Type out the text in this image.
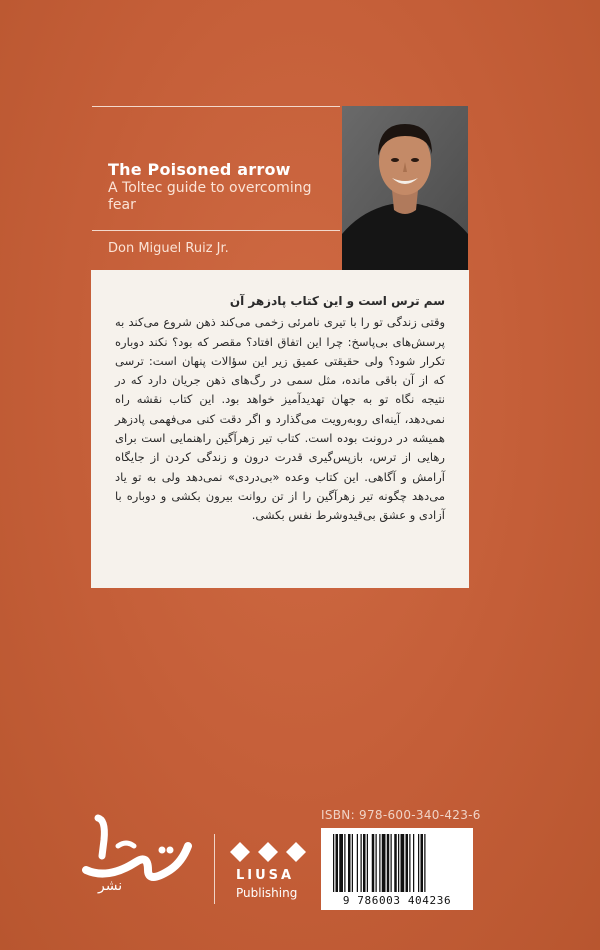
The Poisoned arrow
A Toltec guide to overcoming fear
Don Miguel Ruiz Jr.

سم ترس است و این کتاب پادزهر آن

وقتی زندگی تو را با تیری نامرئی زخمی می‌کند ذهن شروع می‌کند به پرسش‌های بی‌پاسخ: چرا این اتفاق افتاد؟ مقصر که بود؟ نکند دوباره تکرار شود؟ ولی حقیقتی عمیق زیر این سؤالات پنهان است: ترسی که از آن باقی مانده، مثل سمی در رگ‌های ذهن جریان دارد که در نتیجه نگاه تو به جهان تهدیدآمیز خواهد بود. این کتاب نقشه راه نمی‌دهد، آینه‌ای روبه‌رویت می‌گذارد و اگر دقت کنی می‌فهمی پادزهر همیشه در درونت بوده است. کتاب تیر زهرآگین راهنمایی است برای رهایی از ترس، بازپس‌گیری قدرت درون و زندگی کردن از جایگاه آرامش و آگاهی. این کتاب وعده «بی‌دردی» نمی‌دهد ولی به تو یاد می‌دهد چگونه تیر زهرآگین را از تن روانت بیرون بکشی و دوباره با آزادی و عشق بی‌قیدوشرط نفس بکشی.

نشر
LIUSA
Publishing
ISBN: 978-600-340-423-6
9 786003 404236
